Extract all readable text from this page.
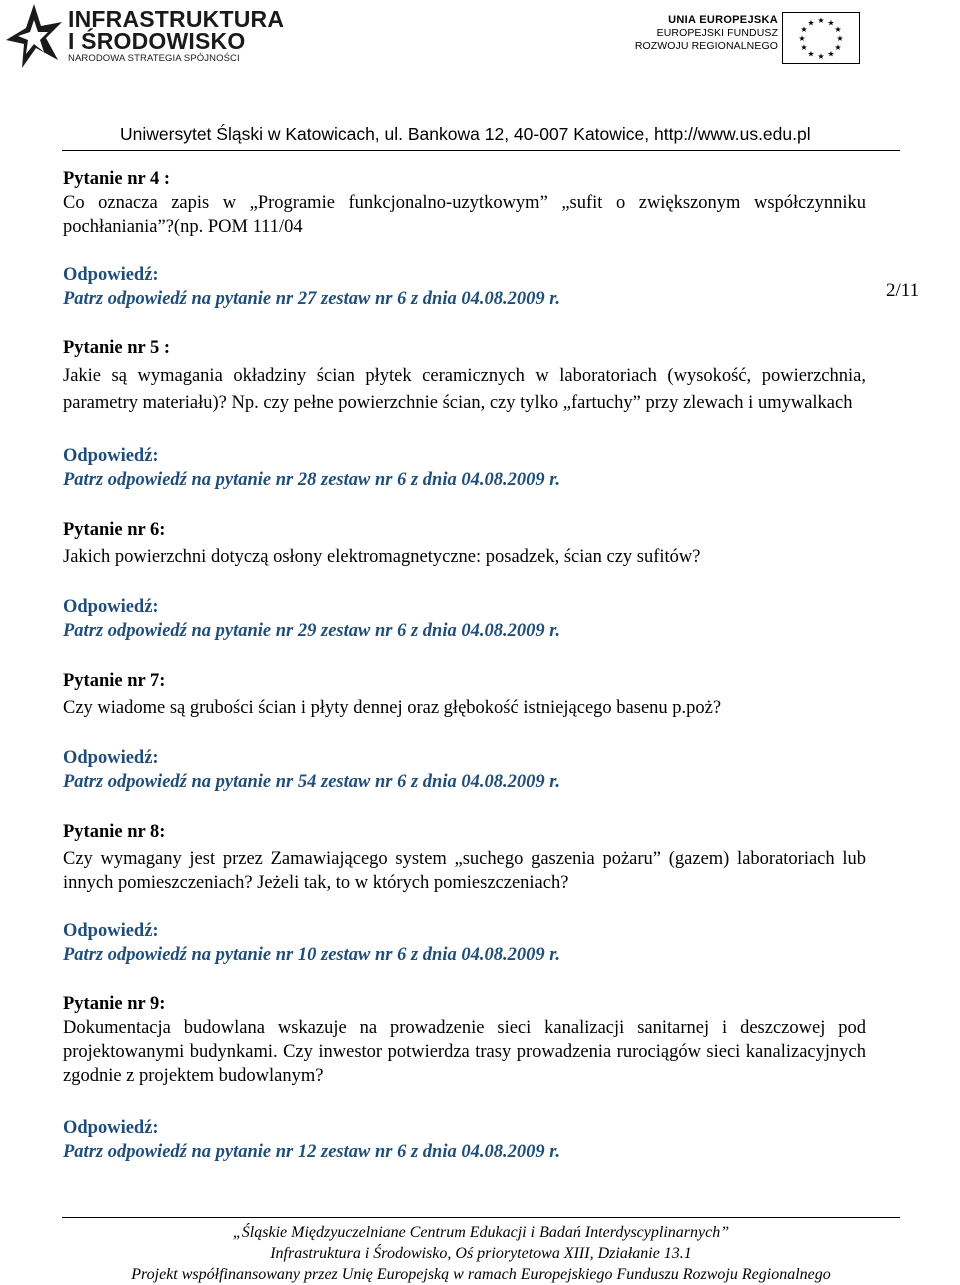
INFRASTRUKTURA
I ŚRODOWISKO
NARODOWA STRATEGIA SPÓJNOŚCI
UNIA EUROPEJSKA
EUROPEJSKI FUNDUSZ
ROZWOJU REGIONALNEGO
★ ★
★
★
★
★
★
★
★
★
★
★
Uniwersytet Śląski w Katowicach, ul. Bankowa 12, 40-007 Katowice, http://www.us.edu.pl
2/11
Pytanie nr 4 :
Co oznacza zapis w „Programie funkcjonalno-uzytkowym” „sufit o zwiększonym współczynniku pochłaniania”?(np. POM 111/04
Odpowiedź:
Patrz odpowiedź na pytanie nr 27 zestaw nr 6 z dnia 04.08.2009 r.
Pytanie nr 5 :
Jakie są wymagania okładziny ścian płytek ceramicznych w laboratoriach (wysokość, powierzchnia, parametry materiału)? Np. czy pełne powierzchnie ścian, czy tylko „fartuchy” przy zlewach i umywalkach
Odpowiedź:
Patrz odpowiedź na pytanie nr 28 zestaw nr 6 z dnia 04.08.2009 r.
Pytanie nr 6:
Jakich powierzchni dotyczą osłony elektromagnetyczne: posadzek, ścian czy sufitów?
Odpowiedź:
Patrz odpowiedź na pytanie nr 29 zestaw nr 6 z dnia 04.08.2009 r.
Pytanie nr 7:
Czy wiadome są grubości ścian i płyty dennej oraz głębokość istniejącego basenu p.poż?
Odpowiedź:
Patrz odpowiedź na pytanie nr 54 zestaw nr 6 z dnia 04.08.2009 r.
Pytanie nr 8:
Czy wymagany jest przez Zamawiającego system „suchego gaszenia pożaru” (gazem) laboratoriach lub innych pomieszczeniach? Jeżeli tak, to w których pomieszczeniach?
Odpowiedź:
Patrz odpowiedź na pytanie nr 10 zestaw nr 6 z dnia 04.08.2009 r.
Pytanie nr 9:
Dokumentacja budowlana wskazuje na prowadzenie sieci kanalizacji sanitarnej i deszczowej pod projektowanymi budynkami. Czy inwestor potwierdza trasy prowadzenia rurociągów sieci kanalizacyjnych zgodnie z projektem budowlanym?
Odpowiedź:
Patrz odpowiedź na pytanie nr 12 zestaw nr 6 z dnia 04.08.2009 r.
„Śląskie Międzyuczelniane Centrum Edukacji i Badań Interdyscyplinarnych”
Infrastruktura i Środowisko, Oś priorytetowa XIII, Działanie 13.1
Projekt współfinansowany przez Unię Europejską w ramach Europejskiego Funduszu Rozwoju Regionalnego
